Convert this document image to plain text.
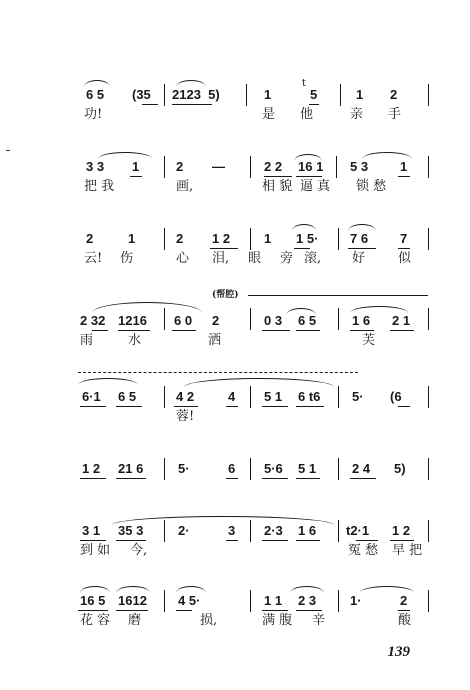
6 5 (35 2123  5)	1
t
5	1 2
功!	是 他	亲 手
3 3 1	2 —	2 2 16 1 5 3 1
把 我	画,	相 貌 逼 真 锁 愁
2	1	2 1 2	1 1 5· 7 6 7
云! 伤	心 泪, 眼 旁 滚, 好	似
(帮腔)
2 32 1216 6 0 2	0 3 6 5	1 6 2 1
雨	水	洒	芙
6·1 6 5	4 2	4 5 1 6 t6 5· (6
蓉!
1 2 21 6	5·	6 5·6 5 1	2 4 5)
3 1 35 3	2·	3 2·3 1 6 t2·1 1 2
到 如 今,	冤 愁 早 把
16 5 1612 4 5·	1 1 2 3	1·	2
花 容 磨	损,	满 腹 辛	酸
139
